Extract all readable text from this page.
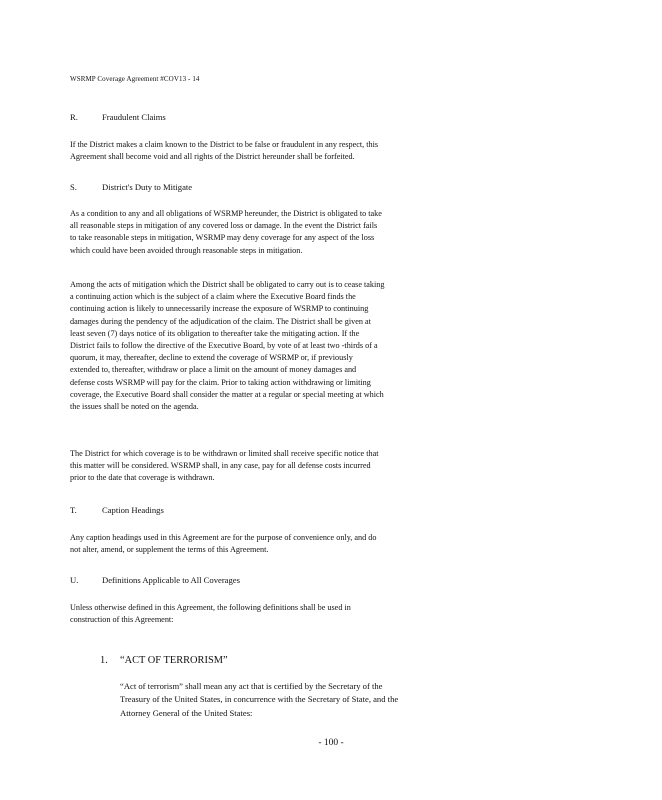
WSRMP Coverage Agreement #COV13 - 14
R.	Fraudulent Claims
If the District makes a claim known to the District to be false or fraudulent in any respect, this
Agreement shall become void and all rights of the District hereunder shall be forfeited.
S.	District's Duty to Mitigate
As a condition to any and all obligations of WSRMP hereunder, the District is obligated to take
all reasonable steps in mitigation of any covered loss or damage. In the event the District fails
to take reasonable steps in mitigation, WSRMP may deny coverage for any aspect of the loss
which could have been avoided through reasonable steps in mitigation.
Among the acts of mitigation which the District shall be obligated to carry out is to cease taking
a continuing action which is the subject of a claim where the Executive Board finds the
continuing action is likely to unnecessarily increase the exposure of WSRMP to continuing
damages during the pendency of the adjudication of the claim. The District shall be given at
least seven (7) days notice of its obligation to thereafter take the mitigating action. If the
District fails to follow the directive of the Executive Board, by vote of at least two -thirds of a
quorum, it may, thereafter, decline to extend the coverage of WSRMP or, if previously
extended to, thereafter, withdraw or place a limit on the amount of money damages and
defense costs WSRMP will pay for the claim. Prior to taking action withdrawing or limiting
coverage, the Executive Board shall consider the matter at a regular or special meeting at which
the issues shall be noted on the agenda.
The District for which coverage is to be withdrawn or limited shall receive specific notice that
this matter will be considered. WSRMP shall, in any case, pay for all defense costs incurred
prior to the date that coverage is withdrawn.
T.	Caption Headings
Any caption headings used in this Agreement are for the purpose of convenience only, and do
not alter, amend, or supplement the terms of this Agreement.
U.	Definitions Applicable to All Coverages
Unless otherwise defined in this Agreement, the following definitions shall be used in
construction of this Agreement:
1. “ACT OF TERRORISM”
“Act of terrorism” shall mean any act that is certified by the Secretary of the
Treasury of the United States, in concurrence with the Secretary of State, and the
Attorney General of the United States:
- 100 -
